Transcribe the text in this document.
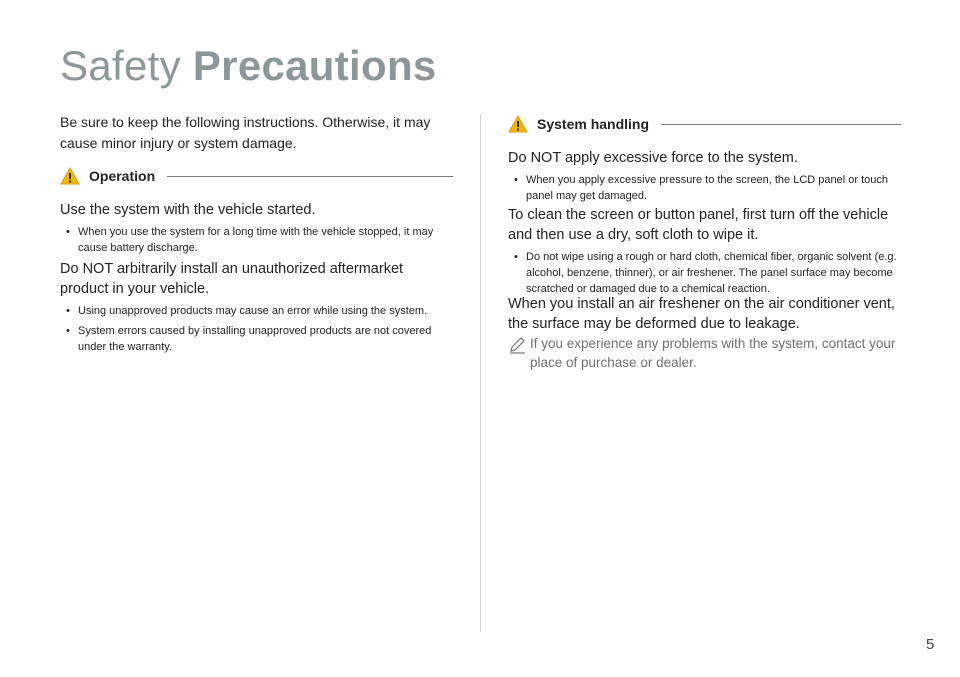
Safety Precautions
Be sure to keep the following instructions. Otherwise, it may cause minor injury or system damage.
Operation
Use the system with the vehicle started.
• When you use the system for a long time with the vehicle stopped, it may cause battery discharge.
Do NOT arbitrarily install an unauthorized aftermarket product in your vehicle.
• Using unapproved products may cause an error while using the system.
• System errors caused by installing unapproved products are not covered under the warranty.
System handling
Do NOT apply excessive force to the system.
• When you apply excessive pressure to the screen, the LCD panel or touch panel may get damaged.
To clean the screen or button panel, first turn off the vehicle and then use a dry, soft cloth to wipe it.
• Do not wipe using a rough or hard cloth, chemical fiber, organic solvent (e.g. alcohol, benzene, thinner), or air freshener. The panel surface may become scratched or damaged due to a chemical reaction.
When you install an air freshener on the air conditioner vent, the surface may be deformed due to leakage.
If you experience any problems with the system, contact your place of purchase or dealer.
5
